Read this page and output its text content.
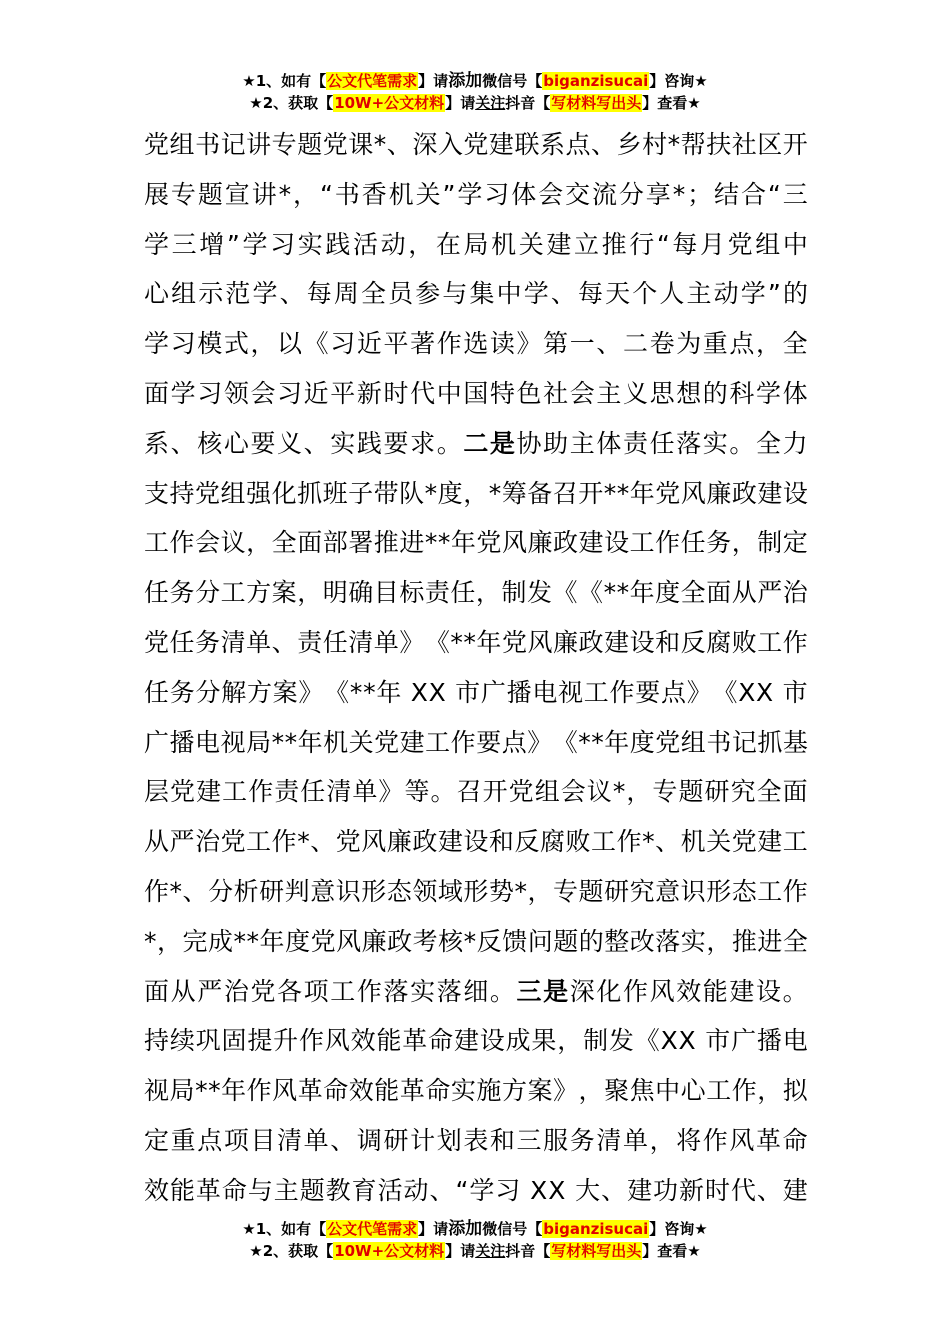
★1、如有【公文代笔需求】请添加微信号【biganzisucai】咨询★
★2、获取【10W+公文材料】请关注抖音【写材料写出头】查看★
党 组 书 记 讲 专 题 党 课 * 、 深 入 党 建 联 系 点 、 乡 村 * 帮 扶 社 区 开
展 专 题 宣 讲 * ， “ 书 香 机 关 ” 学 习 体 会 交 流 分 享 * ； 结 合 “ 三
学 三 增 ” 学 习 实 践 活 动 ， 在 局 机 关 建 立 推 行 “ 每 月 党 组 中
心 组 示 范 学 、 每 周 全 员 参 与 集 中 学 、 每 天 个 人 主 动 学 ” 的
学 习 模 式 ， 以 《 习 近 平 著 作 选 读 》 第 一 、 二 卷 为 重 点 ， 全
面 学 习 领 会 习 近 平 新 时 代 中 国 特 色 社 会 主 义 思 想 的 科 学 体
系 、 核 心 要 义 、 实 践 要 求 。 二 是 协 助 主 体 责 任 落 实 。 全 力
支 持 党 组 强 化 抓 班 子 带 队 * 度 ， * 筹 备 召 开 * * 年 党 风 廉 政 建 设
工 作 会 议 ， 全 面 部 署 推 进 * * 年 党 风 廉 政 建 设 工 作 任 务 ， 制 定
任 务 分 工 方 案 ， 明 确 目 标 责 任 ， 制 发 《 《 * * 年 度 全 面 从 严 治
党 任 务 清 单 、 责 任 清 单 》 《 * * 年 党 风 廉 政 建 设 和 反 腐 败 工 作
任 务 分 解 方 案 》 《 * * 年
X X
市 广 播 电 视 工 作 要 点 》 《 X X
市
广 播 电 视 局 * * 年 机 关 党 建 工 作 要 点 》 《 * * 年 度 党 组 书 记 抓 基
层 党 建 工 作 责 任 清 单 》 等 。 召 开 党 组 会 议 * ， 专 题 研 究 全 面
从 严 治 党 工 作 * 、 党 风 廉 政 建 设 和 反 腐 败 工 作 * 、 机 关 党 建 工
作 * 、 分 析 研 判 意 识 形 态 领 域 形 势 * ， 专 题 研 究 意 识 形 态 工 作
* ， 完 成 * * 年 度 党 风 廉 政 考 核 * 反 馈 问 题 的 整 改 落 实 ， 推 进 全
面 从 严 治 党 各 项 工 作 落 实 落 细 。 三 是 深 化 作 风 效 能 建 设 。
持 续 巩 固 提 升 作 风 效 能 革 命 建 设 成 果 ， 制 发 《 X X
市 广 播 电
视 局 * * 年 作 风 革 命 效 能 革 命 实 施 方 案 》 ， 聚 焦 中 心 工 作 ， 拟
定 重 点 项 目 清 单 、 调 研 计 划 表 和 三 服 务 清 单 ， 将 作 风 革 命
效 能 革 命 与 主 题 教 育 活 动 、 “ 学 习
X X
大 、 建 功 新 时 代 、 建
★1、如有【公文代笔需求】请添加微信号【biganzisucai】咨询★
★2、获取【10W+公文材料】请关注抖音【写材料写出头】查看★
